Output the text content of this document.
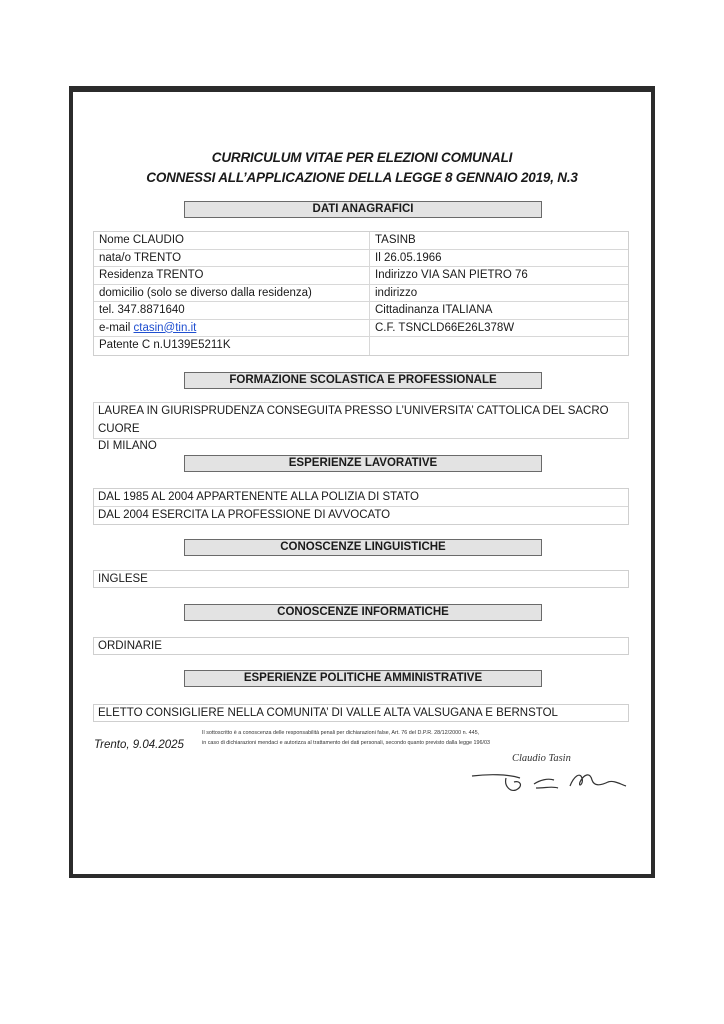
CURRICULUM VITAE PER ELEZIONI COMUNALI
CONNESSI ALL’APPLICAZIONE DELLA LEGGE 8 GENNAIO 2019, N.3
DATI ANAGRAFICI
Nome CLAUDIO	TASINB
nata/o TRENTO	Il 26.05.1966
Residenza TRENTO	Indirizzo VIA SAN PIETRO 76
domicilio (solo se diverso dalla residenza)	indirizzo
tel. 347.8871640	Cittadinanza ITALIANA
e-mail ctasin@tin.it	C.F. TSNCLD66E26L378W
Patente C n.U139E5211K
FORMAZIONE SCOLASTICA E PROFESSIONALE
LAUREA IN GIURISPRUDENZA CONSEGUITA PRESSO L’UNIVERSITA’ CATTOLICA DEL SACRO CUORE
DI MILANO
ESPERIENZE LAVORATIVE
DAL 1985 AL 2004 APPARTENENTE ALLA POLIZIA DI STATO
DAL 2004 ESERCITA LA PROFESSIONE DI AVVOCATO
CONOSCENZE LINGUISTICHE
INGLESE
CONOSCENZE INFORMATICHE
ORDINARIE
ESPERIENZE POLITICHE AMMINISTRATIVE
ELETTO CONSIGLIERE NELLA COMUNITA’ DI VALLE ALTA VALSUGANA E BERNSTOL
Trento, 9.04.2025
Il sottoscritto è a conoscenza delle responsabilità penali per dichiarazioni false, Art. 76 del D.P.R. 28/12/2000 n. 445,
in caso di dichiarazioni mendaci e autorizza al trattamento dei dati personali, secondo quanto previsto dalla legge 196/03
Claudio Tasin
